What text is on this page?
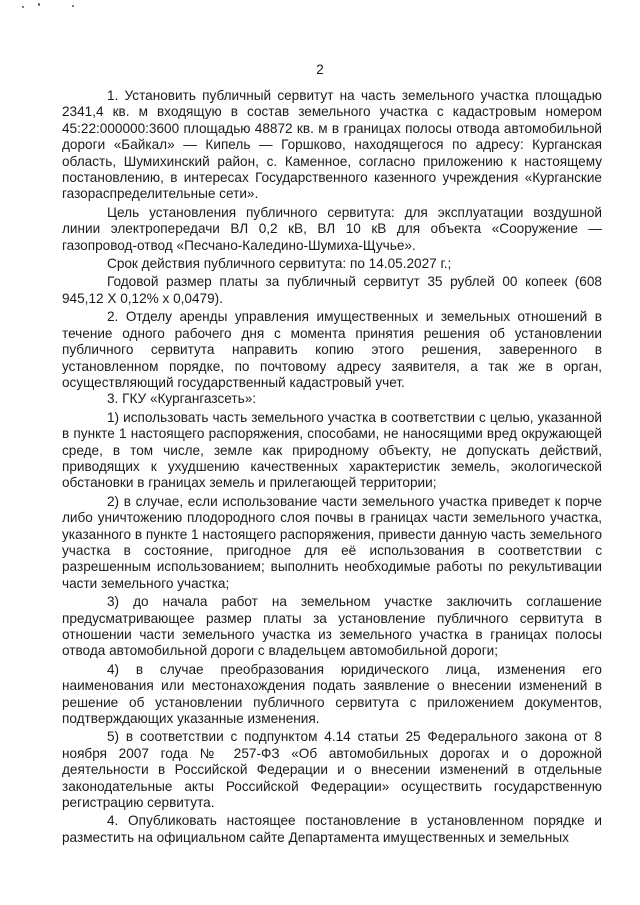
2

1. Установить публичный сервитут на часть земельного участка площадью 2341,4 кв. м входящую в состав земельного участка с кадастровым номером 45:22:000000:3600 площадью 48872 кв. м в границах полосы отвода автомобильной дороги «Байкал» — Кипель — Горшково, находящегося по адресу: Курганская область, Шумихинский район, с. Каменное, согласно приложению к настоящему постановлению, в интересах Государственного казенного учреждения «Курганские газораспределительные сети».

Цель установления публичного сервитута: для эксплуатации воздушной линии электропередачи ВЛ 0,2 кВ, ВЛ 10 кВ для объекта «Сооружение — газопровод-отвод «Песчано-Каледино-Шумиха-Щучье».

Срок действия публичного сервитута: по 14.05.2027 г.;

Годовой размер платы за публичный сервитут 35 рублей 00 копеек (608 945,12 Х 0,12% х 0,0479).

2. Отделу аренды управления имущественных и земельных отношений в течение одного рабочего дня с момента принятия решения об установлении публичного сервитута направить копию этого решения, заверенного в установленном порядке, по почтовому адресу заявителя, а так же в орган, осуществляющий государственный кадастровый учет.

3. ГКУ «Кургангазсеть»:

1) использовать часть земельного участка в соответствии с целью, указанной в пункте 1 настоящего распоряжения, способами, не наносящими вред окружающей среде, в том числе, земле как природному объекту, не допускать действий, приводящих к ухудшению качественных характеристик земель, экологической обстановки в границах земель и прилегающей территории;

2) в случае, если использование части земельного участка приведет к порче либо уничтожению плодородного слоя почвы в границах части земельного участка, указанного в пункте 1 настоящего распоряжения, привести данную часть земельного участка в состояние, пригодное для её использования в соответствии с разрешенным использованием; выполнить необходимые работы по рекультивации части земельного участка;

3) до начала работ на земельном участке заключить соглашение предусматривающее размер платы за установление публичного сервитута в отношении части земельного участка из земельного участка в границах полосы отвода автомобильной дороги с владельцем автомобильной дороги;

4) в случае преобразования юридического лица, изменения его наименования или местонахождения подать заявление о внесении изменений в решение об установлении публичного сервитута с приложением документов, подтверждающих указанные изменения.

5) в соответствии с подпунктом 4.14 статьи 25 Федерального закона от 8 ноября 2007 года № 257-ФЗ «Об автомобильных дорогах и о дорожной деятельности в Российской Федерации и о внесении изменений в отдельные законодательные акты Российской Федерации» осуществить государственную регистрацию сервитута.

4. Опубликовать настоящее постановление в установленном порядке и разместить на официальном сайте Департамента имущественных и земельных
